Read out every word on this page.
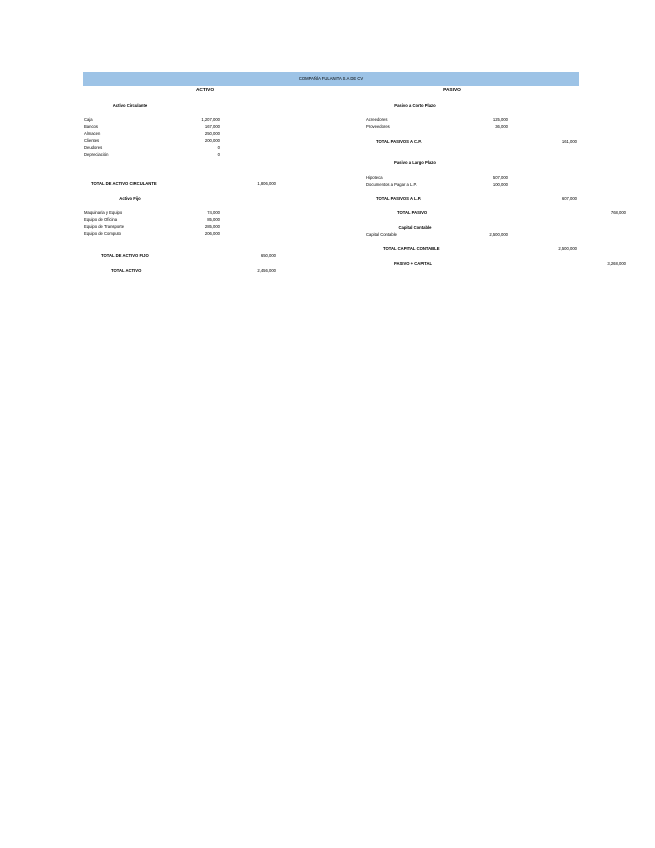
COMPAÑÍA FULANITA S.A DE CV
ACTIVO	PASIVO
Activo Circulante
Caja	1,207,000
Bancos	167,000
Almacen	250,000
Clientes	200,000
Deudores	0
Depreciación	0
TOTAL DE ACTIVO CIRCULANTE	1,806,000
Activo Fijo
Maquinaria y Equipo	74,000
Equipo de Oficina	85,000
Equipo de Transporte	285,000
Equipo de Computo	206,000
TOTAL DE ACTIVO FIJO	650,000
TOTAL ACTIVO	2,456,000
Pasivo a Corto Plazo
Acreedores	125,000
Proveedores	36,000
TOTAL PASIVOS A C.P.	161,000
Pasivo a Largo Plazo
Hipoteca	507,000
Documentos a Pagar a L.P.	100,000
TOTAL PASIVOS A L.P.	607,000
TOTAL PASIVO	768,000
Capital Contable
Capital Contable	2,500,000
TOTAL CAPITAL CONTABLE	2,500,000
PASIVO + CAPITAL	3,268,000
